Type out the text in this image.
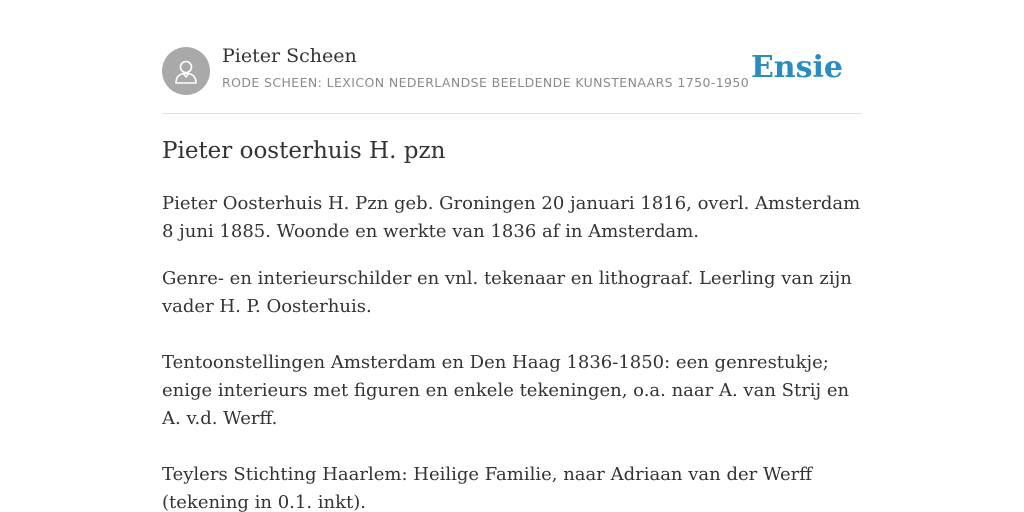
Pieter Scheen
RODE SCHEEN: LEXICON NEDERLANDSE BEELDENDE KUNSTENAARS 1750-1950 Ensie
Pieter oosterhuis H. pzn

Pieter Oosterhuis H. Pzn geb. Groningen 20 januari 1816, overl. Amsterdam 8 juni 1885. Woonde en werkte van 1836 af in Amsterdam.

Genre- en interieurschilder en vnl. tekenaar en lithograaf. Leerling van zijn vader H. P. Oosterhuis.

Tentoonstellingen Amsterdam en Den Haag 1836-1850: een genrestukje; enige interieurs met figuren en enkele tekeningen, o.a. naar A. van Strij en A. v.d. Werff.

Teylers Stichting Haarlem: Heilige Familie, naar Adriaan van der Werff (tekening in 0.1. inkt).
